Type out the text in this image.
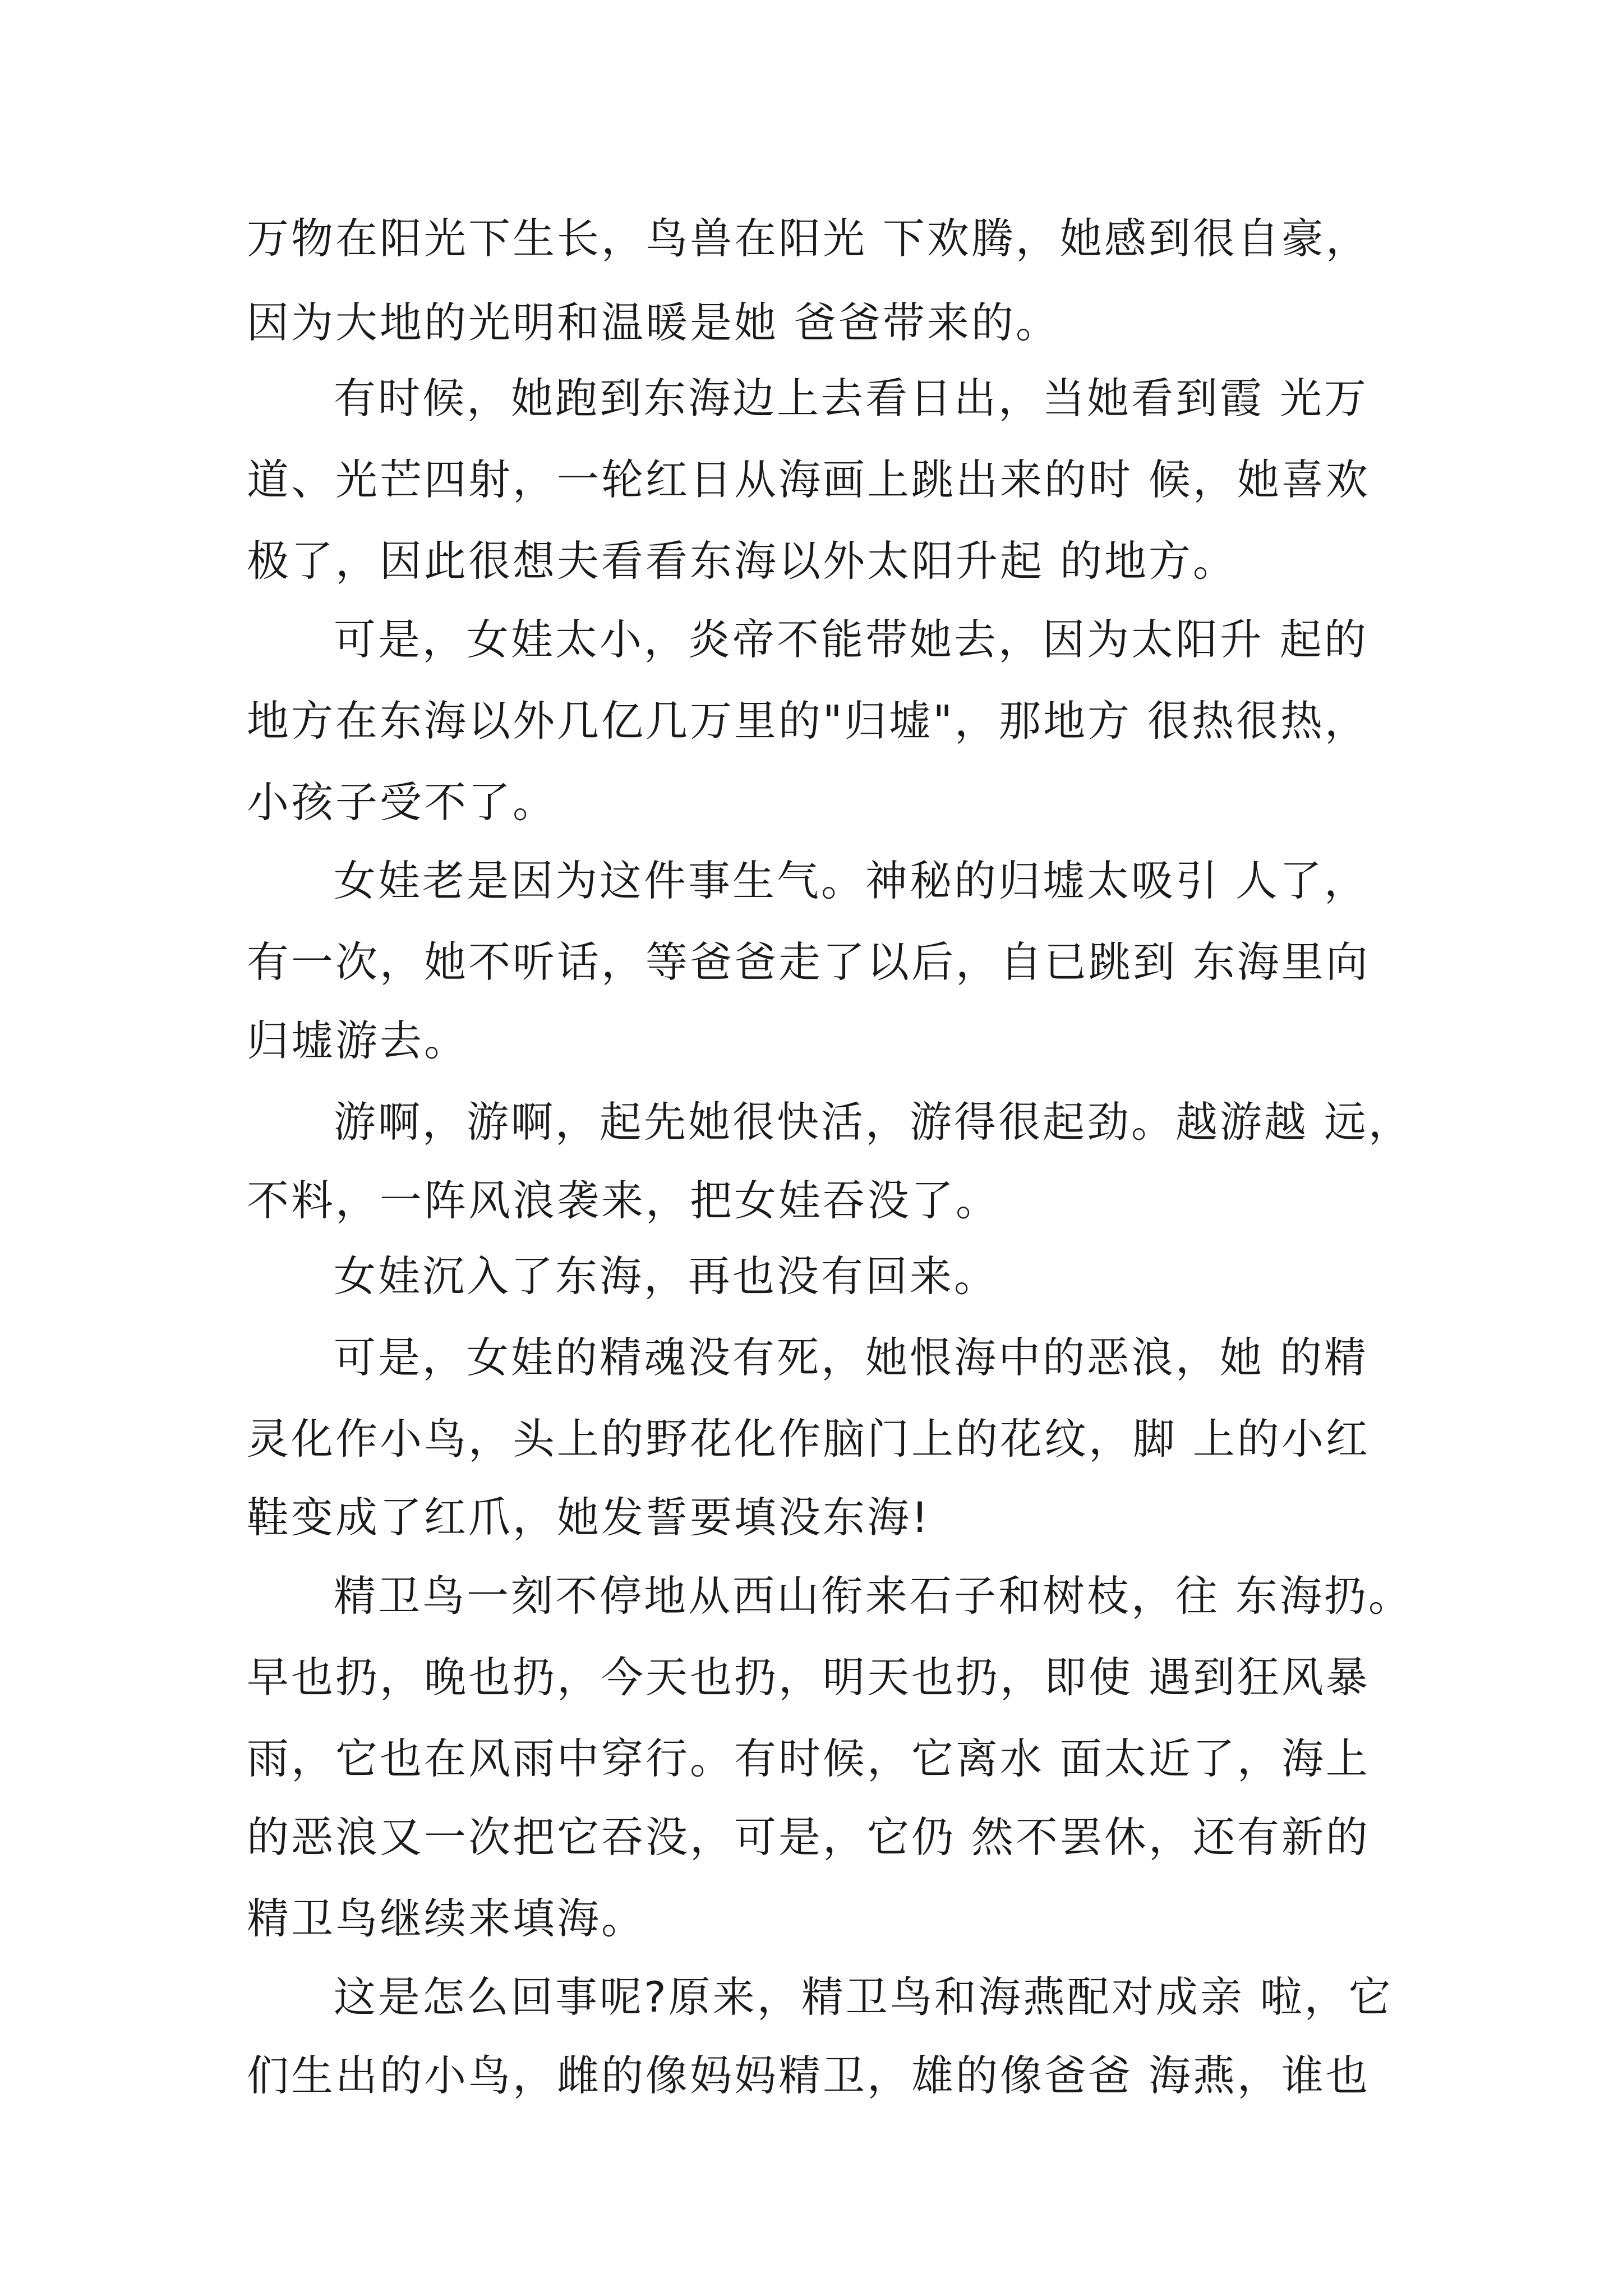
万物在阳光下生长，鸟兽在阳光 下欢腾，她感到很自豪，
因为大地的光明和温暖是她 爸爸带来的。
有时候，她跑到东海边上去看日出，当她看到霞 光万
道、光芒四射，一轮红日从海画上跳出来的时 候，她喜欢
极了，因此很想夫看看东海以外太阳升起 的地方。
可是，女娃太小，炎帝不能带她去，因为太阳升 起的
地方在东海以外几亿几万里的"归墟"，那地方 很热很热，
小孩子受不了。
女娃老是因为这件事生气。神秘的归墟太吸引 人了，
有一次，她不听话，等爸爸走了以后，自已跳到 东海里向
归墟游去。
游啊，游啊，起先她很快活，游得很起劲。越游越 远，
不料，一阵风浪袭来，把女娃吞没了。
女娃沉入了东海，再也没有回来。
可是，女娃的精魂没有死，她恨海中的恶浪，她 的精
灵化作小鸟，头上的野花化作脑门上的花纹，脚 上的小红
鞋变成了红爪，她发誓要填没东海!
精卫鸟一刻不停地从西山衔来石子和树枝，往 东海扔。
早也扔，晚也扔，今天也扔，明天也扔，即使 遇到狂风暴
雨，它也在风雨中穿行。有时候，它离水 面太近了，海上
的恶浪又一次把它吞没，可是，它仍 然不罢休，还有新的
精卫鸟继续来填海。
这是怎么回事呢?原来，精卫鸟和海燕配对成亲 啦，它
们生出的小鸟，雌的像妈妈精卫，雄的像爸爸 海燕，谁也
